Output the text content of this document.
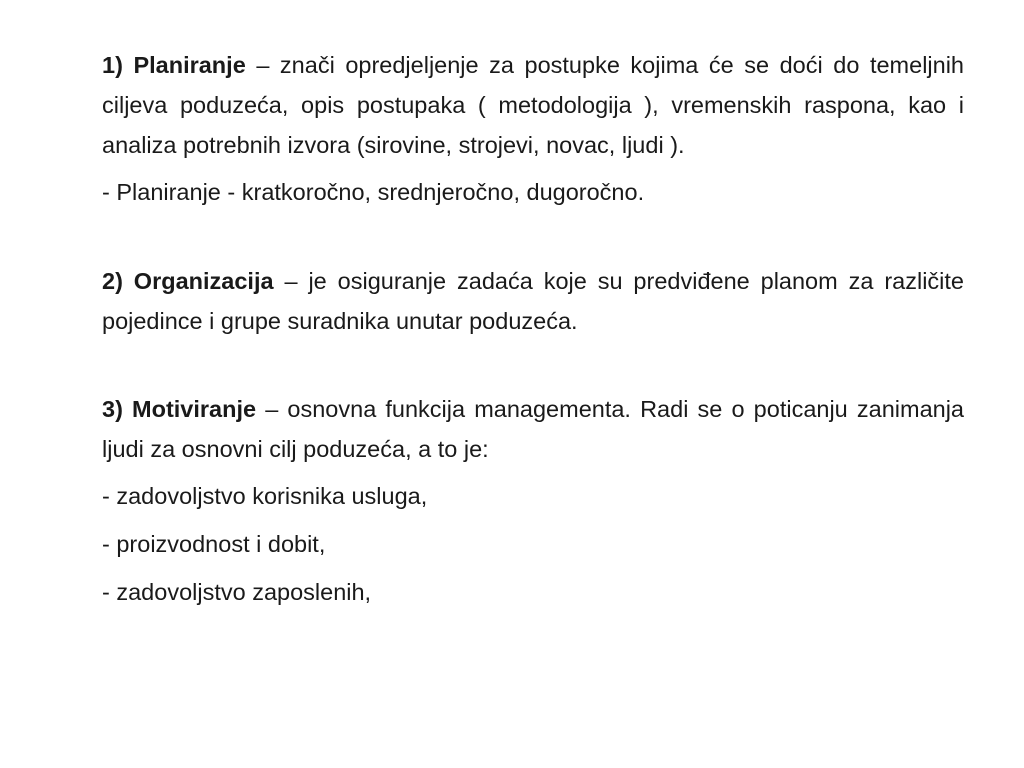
1) Planiranje – znači opredjeljenje za postupke kojima će se doći do temeljnih ciljeva poduzeća, opis postupaka ( metodologija ), vremenskih raspona, kao i analiza potrebnih izvora (sirovine, strojevi, novac, ljudi ).

- Planiranje - kratkoročno, srednjeročno, dugoročno.

2) Organizacija – je osiguranje zadaća koje su predviđene planom za različite pojedince i grupe suradnika unutar poduzeća.

3) Motiviranje – osnovna funkcija managementa. Radi se o poticanju zanimanja ljudi za osnovni cilj poduzeća, a to je:

- zadovoljstvo korisnika usluga,

- proizvodnost i dobit,

- zadovoljstvo zaposlenih,
